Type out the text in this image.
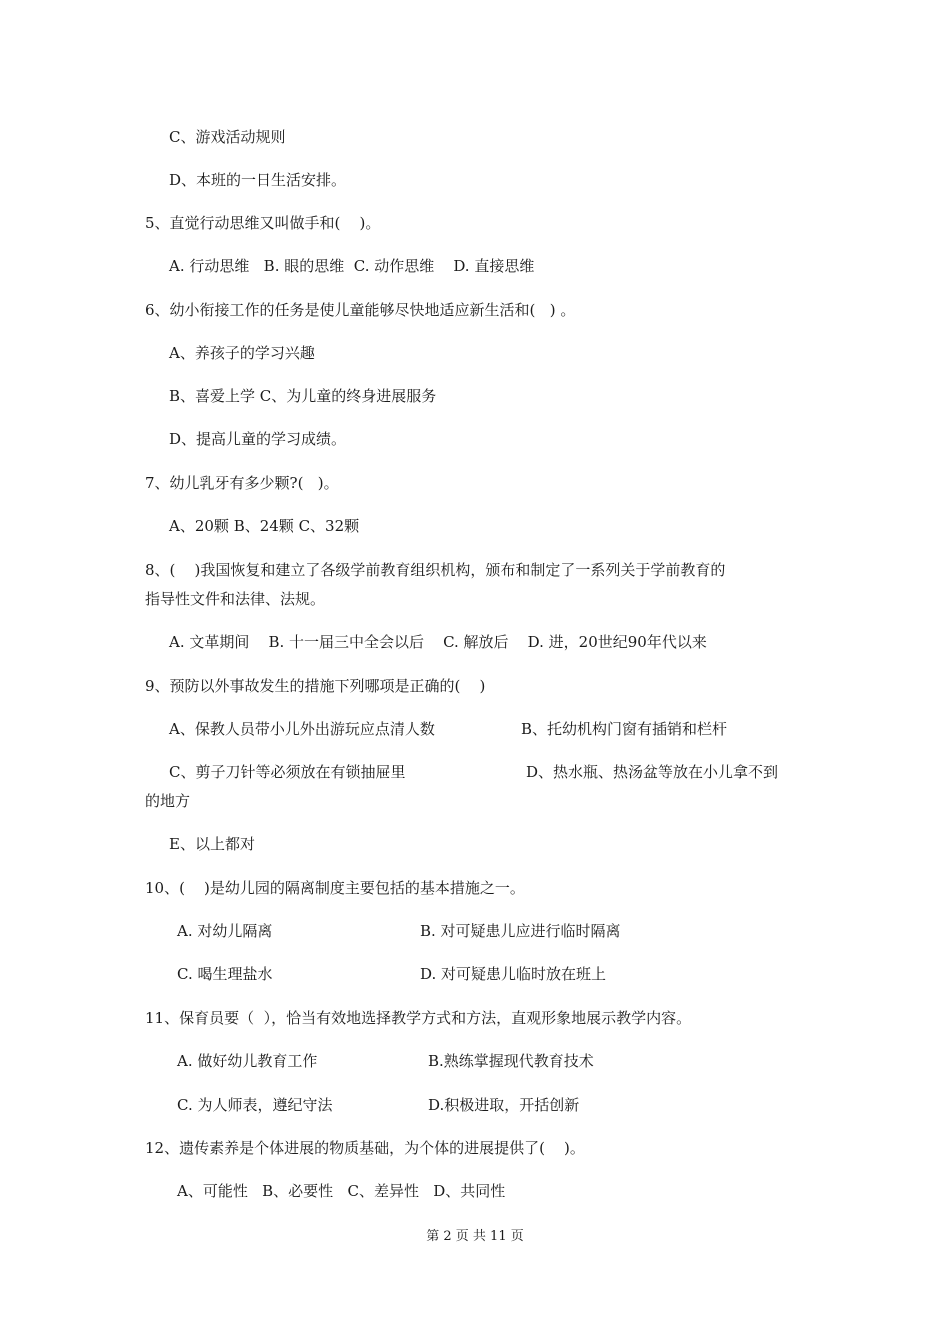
C、游戏活动规则
D、本班的一日生活安排。
5、直觉行动思维又叫做手和(    )。
A. 行动思维   B. 眼的思维  C. 动作思维    D. 直接思维
6、幼小衔接工作的任务是使儿童能够尽快地适应新生活和(   ) 。
A、养孩子的学习兴趣
B、喜爱上学 C、为儿童的终身进展服务
D、提高儿童的学习成绩。
7、幼儿乳牙有多少颗?(   )。
A、20颗 B、24颗 C、32颗
8、(    )我国恢复和建立了各级学前教育组织机构，颁布和制定了一系列关于学前教育的
指导性文件和法律、法规。
A. 文革期间    B. 十一届三中全会以后    C. 解放后    D. 进，20世纪90年代以来
9、预防以外事故发生的措施下列哪项是正确的(    )
A、保教人员带小儿外出游玩应点清人数	B、托幼机构门窗有插销和栏杆
C、剪子刀针等必须放在有锁抽屉里	D、热水瓶、热汤盆等放在小儿拿不到
的地方
E、以上都对
10、(    )是幼儿园的隔离制度主要包括的基本措施之一。
A. 对幼儿隔离	B. 对可疑患儿应进行临时隔离
C. 喝生理盐水	D. 对可疑患儿临时放在班上
11、保育员要（  ），恰当有效地选择教学方式和方法，直观形象地展示教学内容。
A. 做好幼儿教育工作	B.熟练掌握现代教育技术
C. 为人师表，遵纪守法	D.积极进取，开括创新
12、遗传素养是个体进展的物质基础，为个体的进展提供了(    )。
A、可能性   B、必要性   C、差异性   D、共同性
第 2 页 共 11 页
